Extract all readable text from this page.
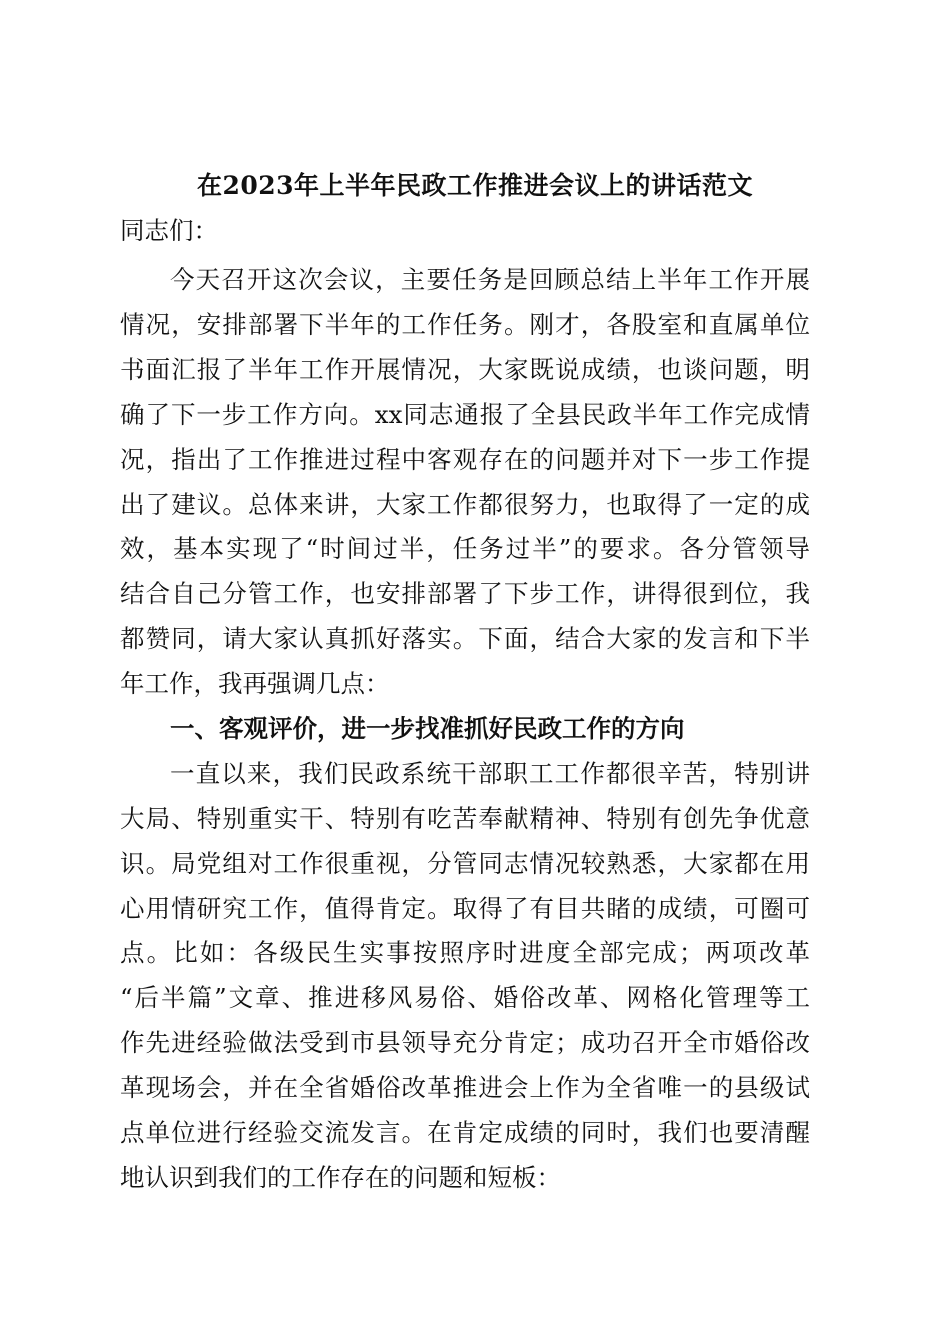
在2023年上半年民政工作推进会议上的讲话范文
同志们：
今天召开这次会议，主要任务是回顾总结上半年工作开展
情况，安排部署下半年的工作任务。刚才，各股室和直属单位
书面汇报了半年工作开展情况，大家既说成绩，也谈问题，明
确了下一步工作方向。xx同志通报了全县民政半年工作完成情
况，指出了工作推进过程中客观存在的问题并对下一步工作提
出了建议。总体来讲，大家工作都很努力，也取得了一定的成
效，基本实现了“时间过半，任务过半”的要求。各分管领导
结合自己分管工作，也安排部署了下步工作，讲得很到位，我
都赞同，请大家认真抓好落实。下面，结合大家的发言和下半
年工作，我再强调几点：
一、客观评价，进一步找准抓好民政工作的方向
一直以来，我们民政系统干部职工工作都很辛苦，特别讲
大局、特别重实干、特别有吃苦奉献精神、特别有创先争优意
识。局党组对工作很重视，分管同志情况较熟悉，大家都在用
心用情研究工作，值得肯定。取得了有目共睹的成绩，可圈可
点。比如：各级民生实事按照序时进度全部完成；两项改革
“后半篇”文章、推进移风易俗、婚俗改革、网格化管理等工
作先进经验做法受到市县领导充分肯定；成功召开全市婚俗改
革现场会，并在全省婚俗改革推进会上作为全省唯一的县级试
点单位进行经验交流发言。在肯定成绩的同时，我们也要清醒
地认识到我们的工作存在的问题和短板：
